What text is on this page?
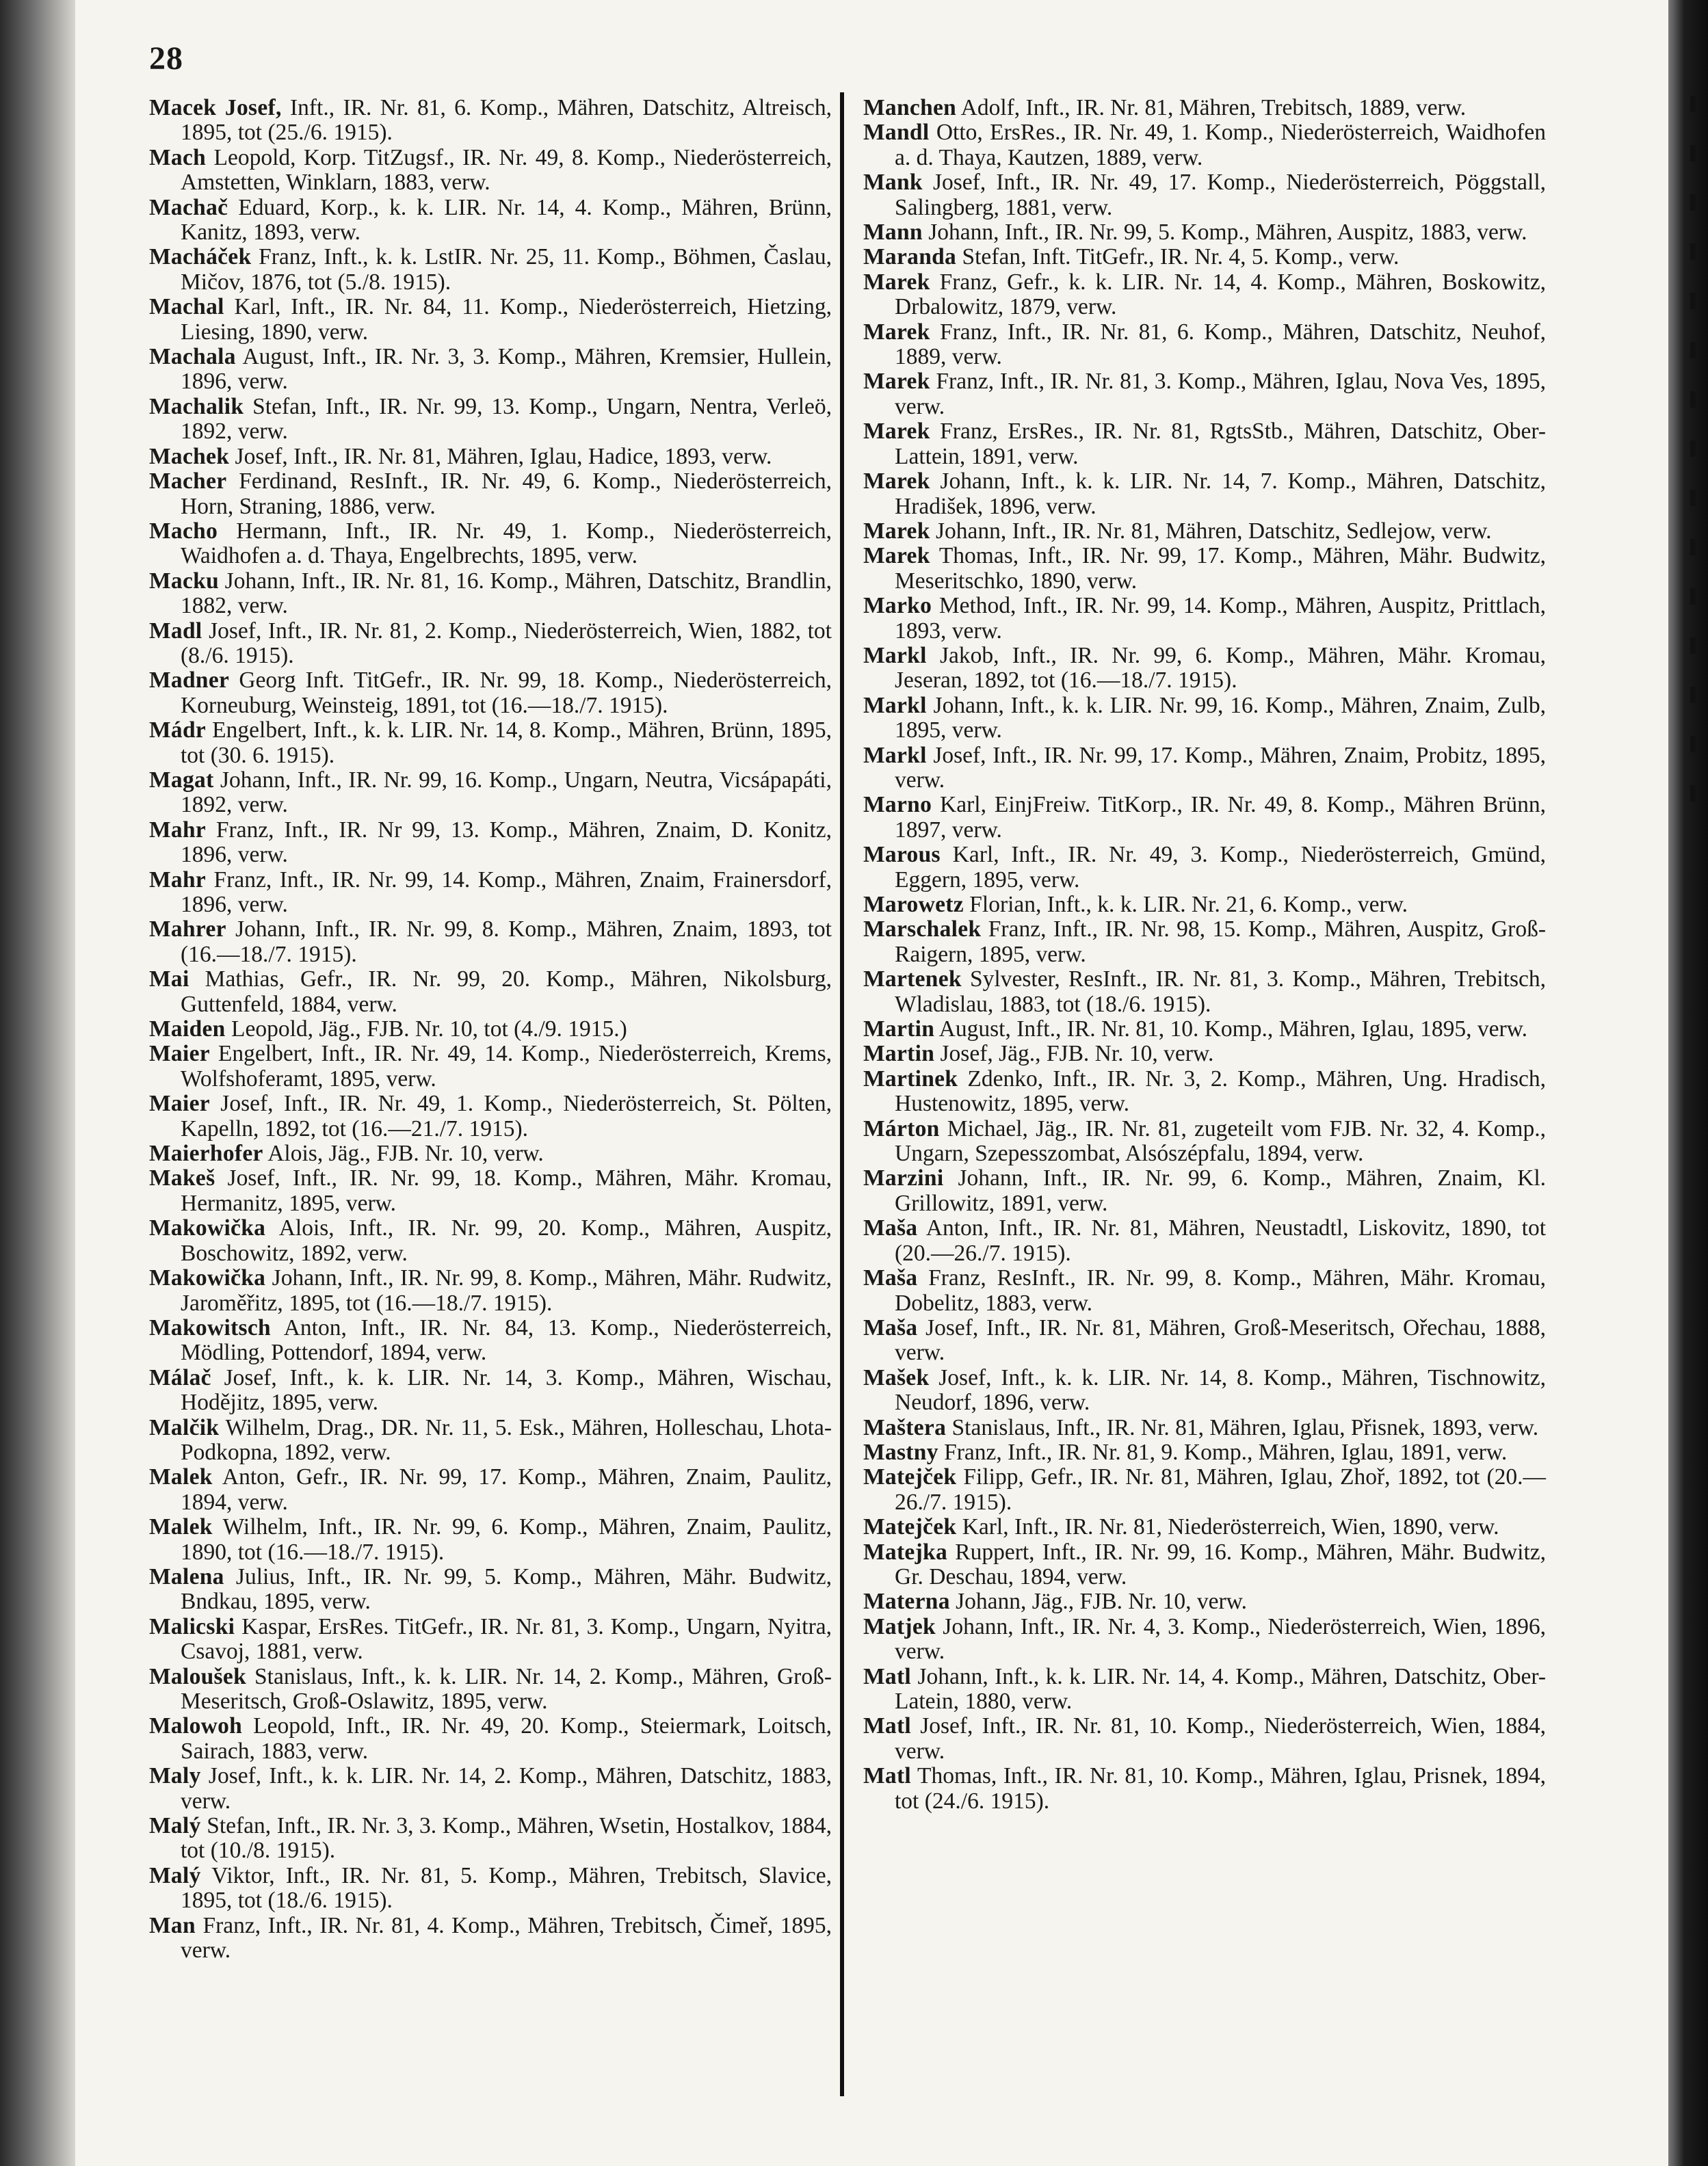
28

Macek Josef, Inft., IR. Nr. 81, 6. Komp., Mähren, Datschitz, Altreisch, 1895, tot (25./6. 1915).

Mach Leopold, Korp. TitZugsf., IR. Nr. 49, 8. Komp., Niederösterreich, Amstetten, Winklarn, 1883, verw.

Machač Eduard, Korp., k. k. LIR. Nr. 14, 4. Komp., Mähren, Brünn, Kanitz, 1893, verw.

Macháček Franz, Inft., k. k. LstIR. Nr. 25, 11. Komp., Böhmen, Časlau, Mičov, 1876, tot (5./8. 1915).

Machal Karl, Inft., IR. Nr. 84, 11. Komp., Niederösterreich, Hietzing, Liesing, 1890, verw.

Machala August, Inft., IR. Nr. 3, 3. Komp., Mähren, Kremsier, Hullein, 1896, verw.

Machalik Stefan, Inft., IR. Nr. 99, 13. Komp., Ungarn, Nentra, Verleö, 1892, verw.

Machek Josef, Inft., IR. Nr. 81, Mähren, Iglau, Hadice, 1893, verw.

Macher Ferdinand, ResInft., IR. Nr. 49, 6. Komp., Niederösterreich, Horn, Straning, 1886, verw.

Macho Hermann, Inft., IR. Nr. 49, 1. Komp., Niederösterreich, Waidhofen a. d. Thaya, Engelbrechts, 1895, verw.

Macku Johann, Inft., IR. Nr. 81, 16. Komp., Mähren, Datschitz, Brandlin, 1882, verw.

Madl Josef, Inft., IR. Nr. 81, 2. Komp., Niederösterreich, Wien, 1882, tot (8./6. 1915).

Madner Georg Inft. TitGefr., IR. Nr. 99, 18. Komp., Niederösterreich, Korneuburg, Weinsteig, 1891, tot (16.—18./7. 1915).

Mádr Engelbert, Inft., k. k. LIR. Nr. 14, 8. Komp., Mähren, Brünn, 1895, tot (30. 6. 1915).

Magat Johann, Inft., IR. Nr. 99, 16. Komp., Ungarn, Neutra, Vicsápapáti, 1892, verw.

Mahr Franz, Inft., IR. Nr 99, 13. Komp., Mähren, Znaim, D. Konitz, 1896, verw.

Mahr Franz, Inft., IR. Nr. 99, 14. Komp., Mähren, Znaim, Frainersdorf, 1896, verw.

Mahrer Johann, Inft., IR. Nr. 99, 8. Komp., Mähren, Znaim, 1893, tot (16.—18./7. 1915).

Mai Mathias, Gefr., IR. Nr. 99, 20. Komp., Mähren, Nikolsburg, Guttenfeld, 1884, verw.

Maiden Leopold, Jäg., FJB. Nr. 10, tot (4./9. 1915.)

Maier Engelbert, Inft., IR. Nr. 49, 14. Komp., Niederösterreich, Krems, Wolfshoferamt, 1895, verw.

Maier Josef, Inft., IR. Nr. 49, 1. Komp., Niederösterreich, St. Pölten, Kapelln, 1892, tot (16.—21./7. 1915).

Maierhofer Alois, Jäg., FJB. Nr. 10, verw.

Makeš Josef, Inft., IR. Nr. 99, 18. Komp., Mähren, Mähr. Kromau, Hermanitz, 1895, verw.

Makowička Alois, Inft., IR. Nr. 99, 20. Komp., Mähren, Auspitz, Boschowitz, 1892, verw.

Makowička Johann, Inft., IR. Nr. 99, 8. Komp., Mähren, Mähr. Rudwitz, Jaroměřitz, 1895, tot (16.—18./7. 1915).

Makowitsch Anton, Inft., IR. Nr. 84, 13. Komp., Niederösterreich, Mödling, Pottendorf, 1894, verw.

Málač Josef, Inft., k. k. LIR. Nr. 14, 3. Komp., Mähren, Wischau, Hoděјitz, 1895, verw.

Malčik Wilhelm, Drag., DR. Nr. 11, 5. Esk., Mähren, Holleschau, Lhota-Podkopna, 1892, verw.

Malek Anton, Gefr., IR. Nr. 99, 17. Komp., Mähren, Znaim, Paulitz, 1894, verw.

Malek Wilhelm, Inft., IR. Nr. 99, 6. Komp., Mähren, Znaim, Paulitz, 1890, tot (16.—18./7. 1915).

Malena Julius, Inft., IR. Nr. 99, 5. Komp., Mähren, Mähr. Budwitz, Bndkau, 1895, verw.

Malicski Kaspar, ErsRes. TitGefr., IR. Nr. 81, 3. Komp., Ungarn, Nyitra, Csavoj, 1881, verw.

Maloušek Stanislaus, Inft., k. k. LIR. Nr. 14, 2. Komp., Mähren, Groß-Meseritsch, Groß-Oslawitz, 1895, verw.

Malowoh Leopold, Inft., IR. Nr. 49, 20. Komp., Steiermark, Loitsch, Sairach, 1883, verw.

Maly Josef, Inft., k. k. LIR. Nr. 14, 2. Komp., Mähren, Datschitz, 1883, verw.

Malý Stefan, Inft., IR. Nr. 3, 3. Komp., Mähren, Wsetin, Hostalkov, 1884, tot (10./8. 1915).

Malý Viktor, Inft., IR. Nr. 81, 5. Komp., Mähren, Trebitsch, Slavice, 1895, tot (18./6. 1915).

Man Franz, Inft., IR. Nr. 81, 4. Komp., Mähren, Trebitsch, Čimeř, 1895, verw.

Manchen Adolf, Inft., IR. Nr. 81, Mähren, Trebitsch, 1889, verw.

Mandl Otto, ErsRes., IR. Nr. 49, 1. Komp., Niederösterreich, Waidhofen a. d. Thaya, Kautzen, 1889, verw.

Mank Josef, Inft., IR. Nr. 49, 17. Komp., Niederösterreich, Pöggstall, Salingberg, 1881, verw.

Mann Johann, Inft., IR. Nr. 99, 5. Komp., Mähren, Auspitz, 1883, verw.

Maranda Stefan, Inft. TitGefr., IR. Nr. 4, 5. Komp., verw.

Marek Franz, Gefr., k. k. LIR. Nr. 14, 4. Komp., Mähren, Boskowitz, Drbalowitz, 1879, verw.

Marek Franz, Inft., IR. Nr. 81, 6. Komp., Mähren, Datschitz, Neuhof, 1889, verw.

Marek Franz, Inft., IR. Nr. 81, 3. Komp., Mähren, Iglau, Nova Ves, 1895, verw.

Marek Franz, ErsRes., IR. Nr. 81, RgtsStb., Mähren, Datschitz, Ober-Lattein, 1891, verw.

Marek Johann, Inft., k. k. LIR. Nr. 14, 7. Komp., Mähren, Datschitz, Hradišek, 1896, verw.

Marek Johann, Inft., IR. Nr. 81, Mähren, Datschitz, Sedlejow, verw.

Marek Thomas, Inft., IR. Nr. 99, 17. Komp., Mähren, Mähr. Budwitz, Meseritschko, 1890, verw.

Marko Method, Inft., IR. Nr. 99, 14. Komp., Mähren, Auspitz, Prittlach, 1893, verw.

Markl Jakob, Inft., IR. Nr. 99, 6. Komp., Mähren, Mähr. Kromau, Jeseran, 1892, tot (16.—18./7. 1915).

Markl Johann, Inft., k. k. LIR. Nr. 99, 16. Komp., Mähren, Znaim, Zulb, 1895, verw.

Markl Josef, Inft., IR. Nr. 99, 17. Komp., Mähren, Znaim, Probitz, 1895, verw.

Marno Karl, EinjFreiw. TitKorp., IR. Nr. 49, 8. Komp., Mähren Brünn, 1897, verw.

Marous Karl, Inft., IR. Nr. 49, 3. Komp., Niederösterreich, Gmünd, Eggern, 1895, verw.

Marowetz Florian, Inft., k. k. LIR. Nr. 21, 6. Komp., verw.

Marschalek Franz, Inft., IR. Nr. 98, 15. Komp., Mähren, Auspitz, Groß-Raigern, 1895, verw.

Martenek Sylvester, ResInft., IR. Nr. 81, 3. Komp., Mähren, Trebitsch, Wladislau, 1883, tot (18./6. 1915).

Martin August, Inft., IR. Nr. 81, 10. Komp., Mähren, Iglau, 1895, verw.

Martin Josef, Jäg., FJB. Nr. 10, verw.

Martinek Zdenko, Inft., IR. Nr. 3, 2. Komp., Mähren, Ung. Hradisch, Hustenowitz, 1895, verw.

Márton Michael, Jäg., IR. Nr. 81, zugeteilt vom FJB. Nr. 32, 4. Komp., Ungarn, Szepesszombat, Alsószépfalu, 1894, verw.

Marzini Johann, Inft., IR. Nr. 99, 6. Komp., Mähren, Znaim, Kl. Grillowitz, 1891, verw.

Maša Anton, Inft., IR. Nr. 81, Mähren, Neustadtl, Liskovitz, 1890, tot (20.—26./7. 1915).

Maša Franz, ResInft., IR. Nr. 99, 8. Komp., Mähren, Mähr. Kromau, Dobelitz, 1883, verw.

Maša Josef, Inft., IR. Nr. 81, Mähren, Groß-Meseritsch, Ořechau, 1888, verw.

Mašek Josef, Inft., k. k. LIR. Nr. 14, 8. Komp., Mähren, Tischnowitz, Neudorf, 1896, verw.

Maštera Stanislaus, Inft., IR. Nr. 81, Mähren, Iglau, Přisnek, 1893, verw.

Mastny Franz, Inft., IR. Nr. 81, 9. Komp., Mähren, Iglau, 1891, verw.

Matejček Filipp, Gefr., IR. Nr. 81, Mähren, Iglau, Zhoř, 1892, tot (20.—26./7. 1915).

Matejček Karl, Inft., IR. Nr. 81, Niederösterreich, Wien, 1890, verw.

Matejka Ruppert, Inft., IR. Nr. 99, 16. Komp., Mähren, Mähr. Budwitz, Gr. Deschau, 1894, verw.

Materna Johann, Jäg., FJB. Nr. 10, verw.

Matjek Johann, Inft., IR. Nr. 4, 3. Komp., Niederösterreich, Wien, 1896, verw.

Matl Johann, Inft., k. k. LIR. Nr. 14, 4. Komp., Mähren, Datschitz, Ober-Latein, 1880, verw.

Matl Josef, Inft., IR. Nr. 81, 10. Komp., Niederösterreich, Wien, 1884, verw.

Matl Thomas, Inft., IR. Nr. 81, 10. Komp., Mähren, Iglau, Prisnek, 1894, tot (24./6. 1915).
